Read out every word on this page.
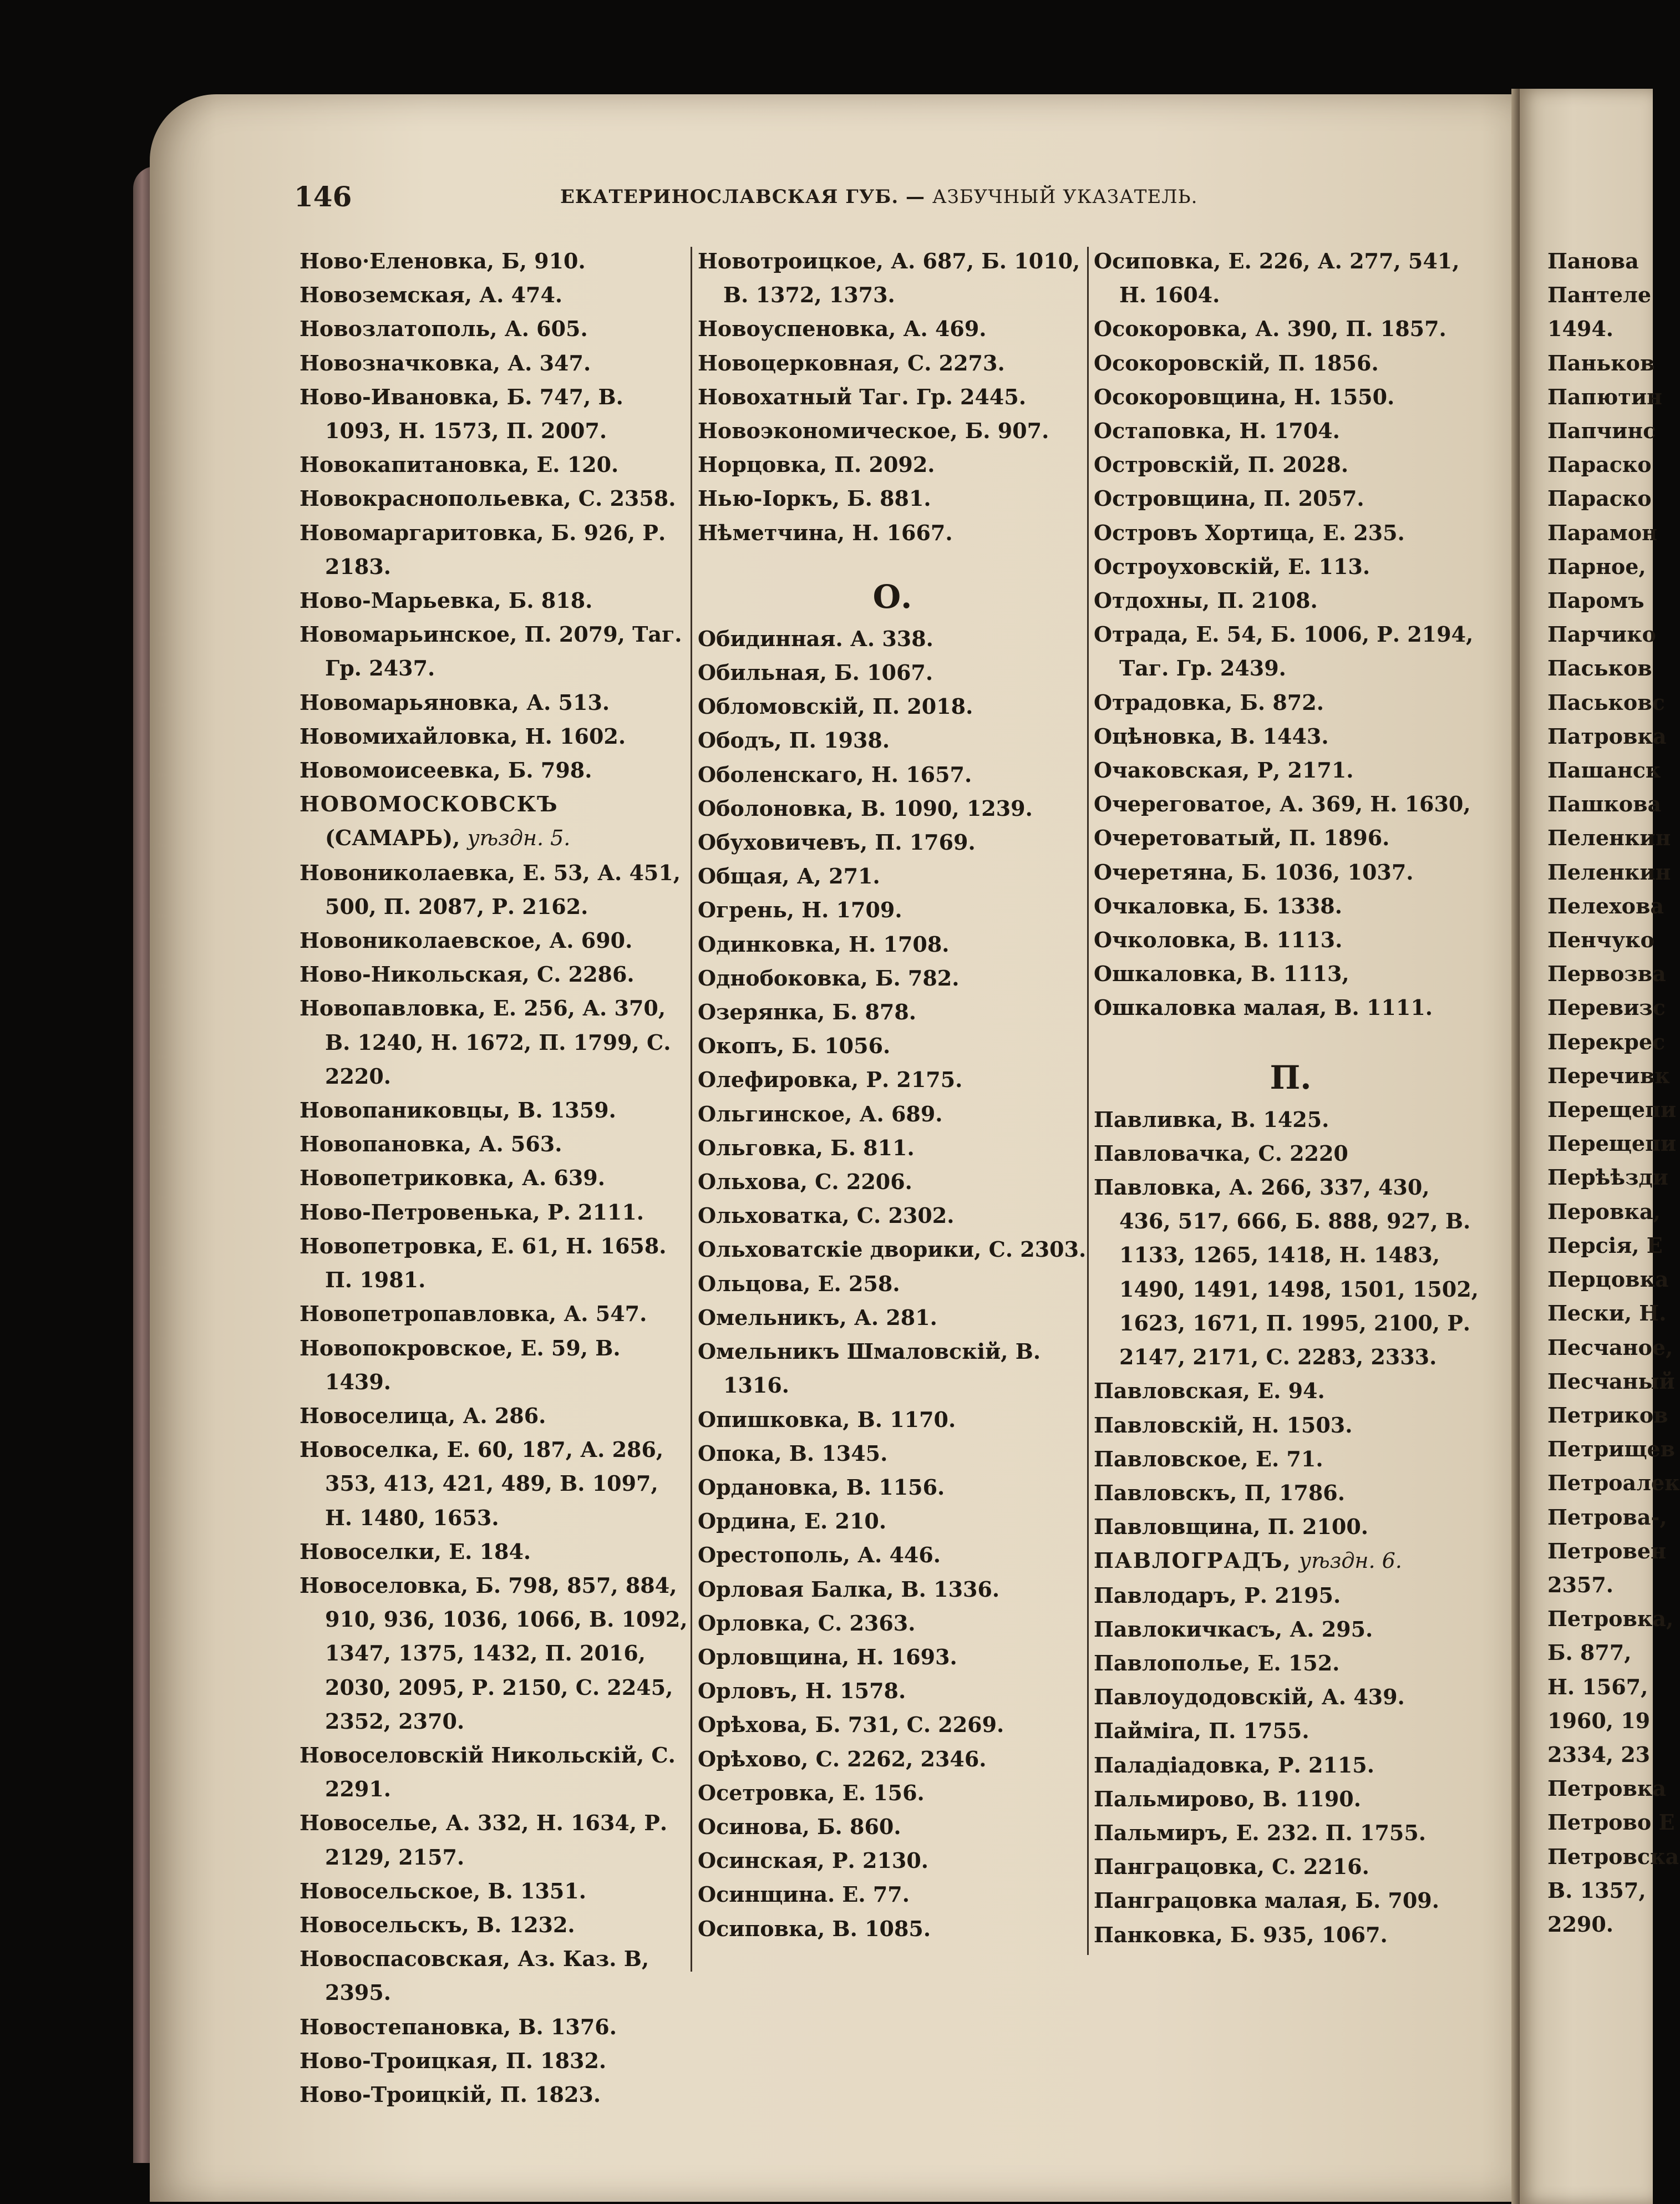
146	ЕКАТЕРИНОСЛАВСКАЯ ГУБ. — АЗБУЧНЫЙ УКАЗАТЕЛЬ.
Ново·Еленовка, Б, 910.
Новоземская, А. 474.
Новозлатополь, А. 605.
Новозначковка, А. 347.
Ново-Ивановка, Б. 747, В. 1093, Н. 1573, П. 2007.
Новокапитановка, Е. 120.
Новокраснопольевка, С. 2358.
Новомаргаритовка, Б. 926, Р. 2183.
Ново-Марьевка, Б. 818.
Новомарьинское, П. 2079, Таг. Гр. 2437.
Новомарьяновка, А. 513.
Новомихайловка, Н. 1602.
Новомоисеевка, Б. 798.
НОВОМОСКОВСКЪ (САМАРЬ), уѣздн. 5.
Новониколаевка, Е. 53, А. 451, 500, П. 2087, Р. 2162.
Новониколаевское, А. 690.
Ново-Никольская, С. 2286.
Новопавловка, Е. 256, А. 370, В. 1240, Н. 1672, П. 1799, С. 2220.
Новопаниковцы, В. 1359.
Новопановка, А. 563.
Новопетриковка, А. 639.
Ново-Петровенька, Р. 2111.
Новопетровка, Е. 61, Н. 1658. П. 1981.
Новопетропавловка, А. 547.
Новопокровское, Е. 59, В. 1439.
Новоселица, А. 286.
Новоселка, Е. 60, 187, А. 286, 353, 413, 421, 489, В. 1097, Н. 1480, 1653.
Новоселки, Е. 184.
Новоселовка, Б. 798, 857, 884, 910, 936, 1036, 1066, В. 1092, 1347, 1375, 1432, П. 2016, 2030, 2095, Р. 2150, С. 2245, 2352, 2370.
Новоселовскій Никольскій, С. 2291.
Новоселье, А. 332, Н. 1634, Р. 2129, 2157.
Новосельское, В. 1351.
Новосельскъ, В. 1232.
Новоспасовская, Аз. Каз. В, 2395.
Новостепановка, В. 1376.
Ново-Троицкая, П. 1832.
Ново-Троицкій, П. 1823.
Новотроицкое, А. 687, Б. 1010, В. 1372, 1373.
Новоуспеновка, А. 469.
Новоцерковная, С. 2273.
Новохатный Таг. Гр. 2445.
Новоэкономическое, Б. 907.
Норцовка, П. 2092.
Нью-Іоркъ, Б. 881.
Нѣметчина, Н. 1667.
О.
Обидинная. А. 338.
Обильная, Б. 1067.
Обломовскій, П. 2018.
Ободъ, П. 1938.
Оболенскаго, Н. 1657.
Оболоновка, В. 1090, 1239.
Обуховичевъ, П. 1769.
Общая, А, 271.
Огрень, Н. 1709.
Одинковка, Н. 1708.
Однобоковка, Б. 782.
Озерянка, Б. 878.
Окопъ, Б. 1056.
Олефировка, Р. 2175.
Ольгинское, А. 689.
Ольговка, Б. 811.
Ольхова, С. 2206.
Ольховатка, С. 2302.
Ольховатскіе дворики, С. 2303.
Ольцова, Е. 258.
Омельникъ, А. 281.
Омельникъ Шмаловскій, В. 1316.
Опишковка, В. 1170.
Опока, В. 1345.
Ордановка, В. 1156.
Ордина, Е. 210.
Орестополь, А. 446.
Орловая Балка, В. 1336.
Орловка, С. 2363.
Орловщина, Н. 1693.
Орловъ, Н. 1578.
Орѣхова, Б. 731, С. 2269.
Орѣхово, С. 2262, 2346.
Осетровка, Е. 156.
Осинова, Б. 860.
Осинская, Р. 2130.
Осинщина. Е. 77.
Осиповка, В. 1085.
Осиповка, Е. 226, А. 277, 541, Н. 1604.
Осокоровка, А. 390, П. 1857.
Осокоровскій, П. 1856.
Осокоровщина, Н. 1550.
Остаповка, Н. 1704.
Островскій, П. 2028.
Островщина, П. 2057.
Островъ Хортица, Е. 235.
Остроуховскій, Е. 113.
Отдохны, П. 2108.
Отрада, Е. 54, Б. 1006, Р. 2194, Таг. Гр. 2439.
Отрадовка, Б. 872.
Оцѣновка, В. 1443.
Очаковская, Р, 2171.
Очереговатое, А. 369, Н. 1630,
Очеретоватый, П. 1896.
Очеретяна, Б. 1036, 1037.
Очкаловка, Б. 1338.
Очколовка, В. 1113.
Ошкаловка, В. 1113,
Ошкаловка малая, В. 1111.
П.
Павливка, В. 1425.
Павловачка, С. 2220
Павловка, А. 266, 337, 430, 436, 517, 666, Б. 888, 927, В. 1133, 1265, 1418, Н. 1483, 1490, 1491, 1498, 1501, 1502, 1623, 1671, П. 1995, 2100, Р. 2147, 2171, С. 2283, 2333.
Павловская, Е. 94.
Павловскій, Н. 1503.
Павловское, Е. 71.
Павловскъ, П, 1786.
Павловщина, П. 2100.
ПАВЛОГРАДЪ, уѣздн. 6.
Павлодаръ, Р. 2195.
Павлокичкасъ, А. 295.
Павлополье, Е. 152.
Павлоудодовскій, А. 439.
Паймira, П. 1755.
Паладіадовка, Р. 2115.
Пальмирово, В. 1190.
Пальмиръ, Е. 232. П. 1755.
Панграцовка, С. 2216.
Панграцовка малая, Б. 709.
Панковка, Б. 935, 1067.
Панова
Пантеле
1494.
Паньков
Папютин
Папчинс
Параско
Параско
Парамон
Парное,
Паромъ
Парчико
Паськов
Паськовс
Патровка
Пашанск
Пашкова
Пеленкин
Пеленкин
Пелехова
Пенчуко
Первозва
Перевизс
Перекрес
Перечивк
Перещепи
Перещепи
Перѣѣзди
Перовка,
Персія, Е
Перцовка
Пески, Н.
Песчаное,
Песчаный
Петриков
Петрищев
Петроалек
Петрова-,
Петровен
2357.
Петровка,
Б. 877,
Н. 1567,
1960, 19
2334, 23
Петровка
Петрово Е
Петровска
В. 1357,
2290.
